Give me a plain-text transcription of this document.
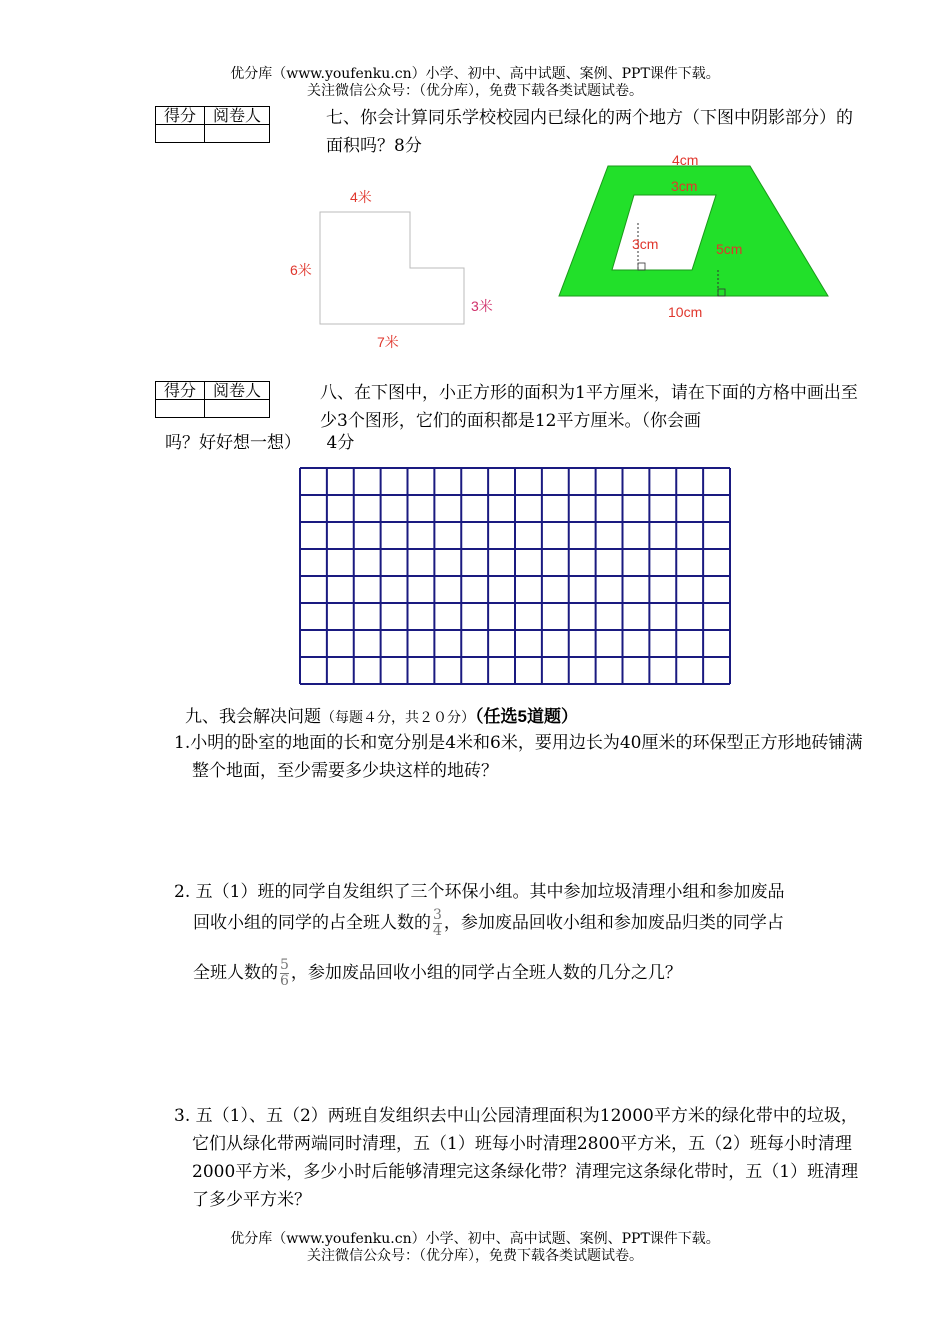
优分库（www.youfenku.cn）小学、初中、高中试题、案例、PPT课件下载。
关注微信公众号：（优分库），免费下载各类试题试卷。
得分	阅卷人
		七、你会计算同乐学校校园内已绿化的两个地方（下图中阴影部分）的面积吗？8分
4米
6米
3米
7米
4cm
3cm
3cm	5cm
10cm
得分	阅卷人
		八、在下图中，小正方形的面积为1平方厘米，请在下面的方格中画出至少3个图形，它们的面积都是12平方厘米。（你会画
吗？好好想一想）　　4分
九、我会解决问题（每题４分，共２０分）（任选5道题）
1.小明的卧室的地面的长和宽分别是4米和6米，要用边长为40厘米的环保型正方形地砖铺满整个地面，至少需要多少块这样的地砖？
2. 五（1）班的同学自发组织了三个环保小组。其中参加垃圾清理小组和参加废品
回收小组的同学的占全班人数的 $\frac{3}{4}$ ，参加废品回收小组和参加废品归类的同学占
全班人数的 $\frac{5}{6}$ ，参加废品回收小组的同学占全班人数的几分之几？
3. 五（1）、五（2）两班自发组织去中山公园清理面积为12000平方米的绿化带中的垃圾，它们从绿化带两端同时清理，五（1）班每小时清理2800平方米，五（2）班每小时清理2000平方米，多少小时后能够清理完这条绿化带？清理完这条绿化带时，五（1）班清理了多少平方米？
优分库（www.youfenku.cn）小学、初中、高中试题、案例、PPT课件下载。
关注微信公众号：（优分库），免费下载各类试题试卷。
